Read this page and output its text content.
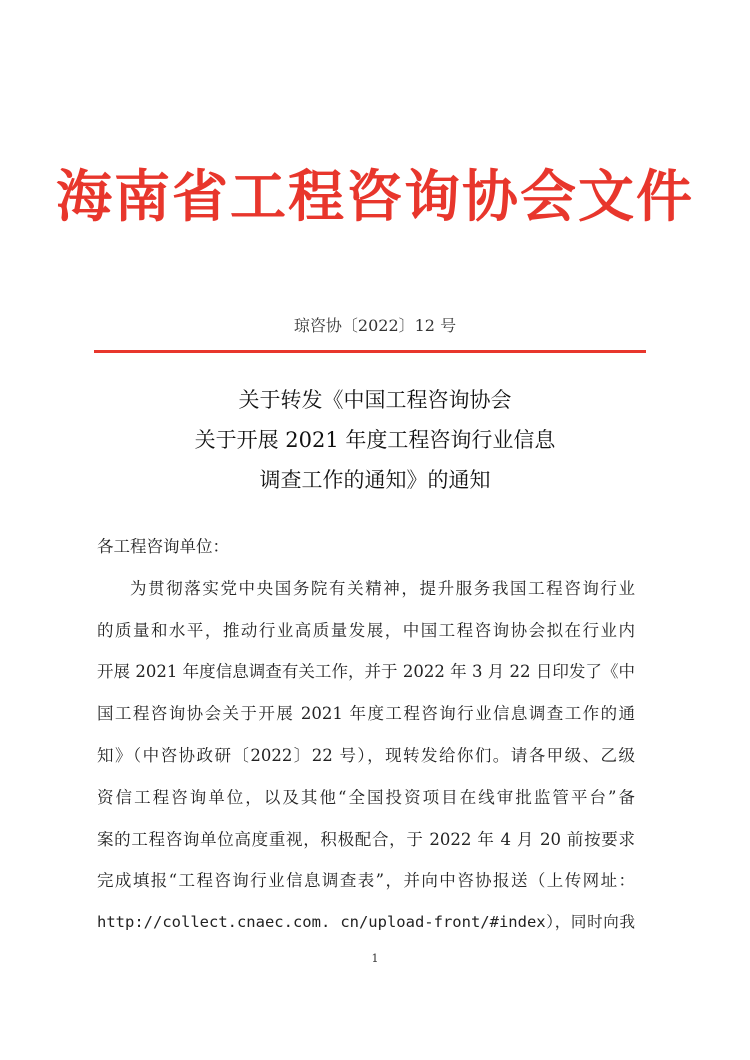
海南省工程咨询协会文件
琼咨协〔2022〕12 号
关于转发《中国工程咨询协会
关于开展 2021 年度工程咨询行业信息
调查工作的通知》的通知
各工程咨询单位：
为贯彻落实党中央国务院有关精神，提升服务我国工程咨询行业
的质量和水平，推动行业高质量发展，中国工程咨询协会拟在行业内
开展 2021 年度信息调查有关工作，并于 2022 年 3 月 22 日印发了《中
国工程咨询协会关于开展 2021 年度工程咨询行业信息调查工作的通
知》（中咨协政研〔2022〕22 号），现转发给你们。请各甲级、乙级
资信工程咨询单位，以及其他“全国投资项目在线审批监管平台”备
案的工程咨询单位高度重视，积极配合，于 2022 年 4 月 20 前按要求
完成填报“工程咨询行业信息调查表”，并向中咨协报送（上传网址：
http://collect.cnaec.com. cn/upload-front/#index），同时向我
1
